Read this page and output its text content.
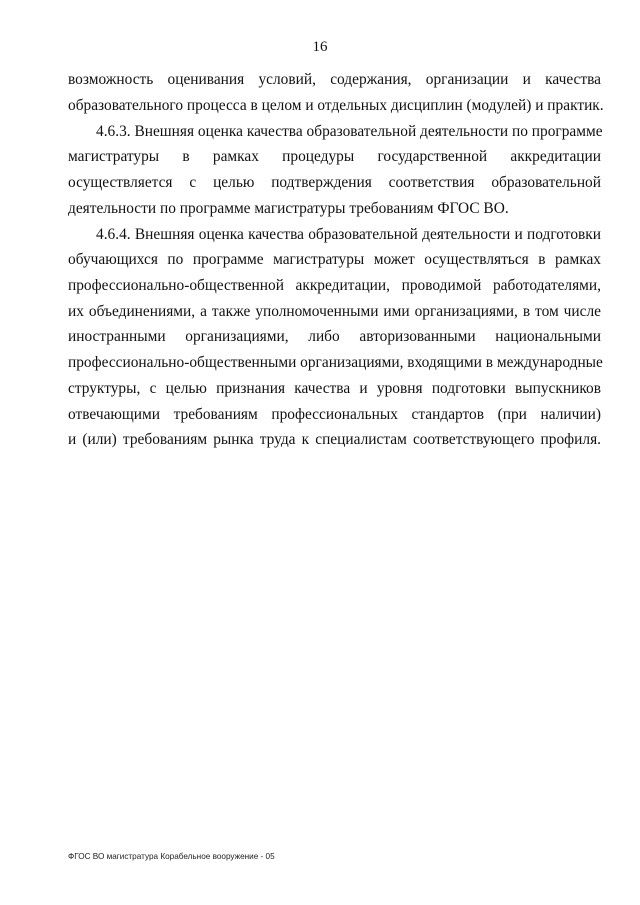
16
возможность оценивания условий, содержания, организации и качества
образовательного процесса в целом и отдельных дисциплин (модулей) и практик.
4.6.3. Внешняя оценка качества образовательной деятельности по программе
магистратуры в рамках процедуры государственной аккредитации
осуществляется с целью подтверждения соответствия образовательной
деятельности по программе магистратуры требованиям ФГОС ВО.
4.6.4. Внешняя оценка качества образовательной деятельности и подготовки
обучающихся по программе магистратуры может осуществляться в рамках
профессионально-общественной аккредитации, проводимой работодателями,
их объединениями, а также уполномоченными ими организациями, в том числе
иностранными организациями, либо авторизованными национальными
профессионально-общественными организациями, входящими в международные
структуры, с целью признания качества и уровня подготовки выпускников
отвечающими требованиям профессиональных стандартов (при наличии)
и (или) требованиям рынка труда к специалистам соответствующего профиля.
ФГОС ВО магистратура Корабельное вооружение - 05
